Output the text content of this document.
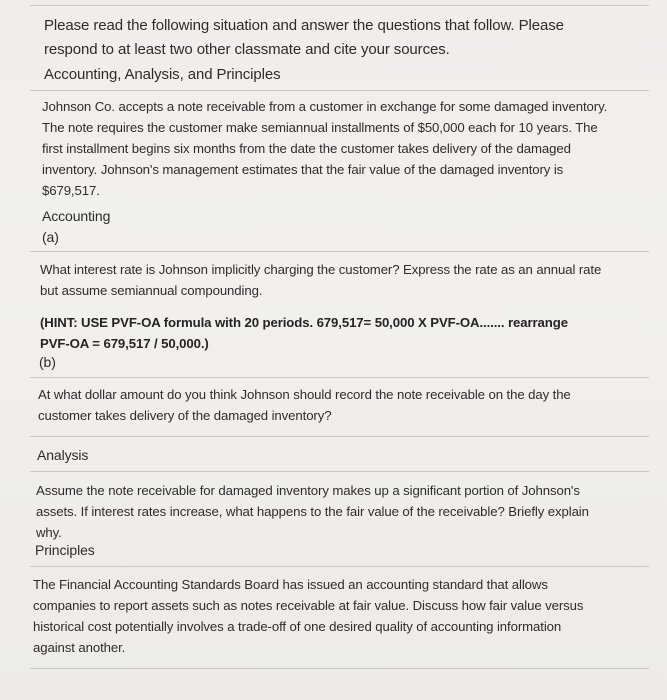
Please read the following situation and answer the questions that follow. Please
respond to at least two other classmate and cite your sources.

Accounting, Analysis, and Principles

Johnson Co. accepts a note receivable from a customer in exchange for some damaged inventory.
The note requires the customer make semiannual installments of $50,000 each for 10 years. The
first installment begins six months from the date the customer takes delivery of the damaged
inventory. Johnson's management estimates that the fair value of the damaged inventory is
$679,517.

Accounting

(a)

What interest rate is Johnson implicitly charging the customer? Express the rate as an annual rate
but assume semiannual compounding.

(HINT: USE PVF-OA formula with 20 periods. 679,517= 50,000 X PVF-OA....... rearrange
PVF-OA = 679,517 / 50,000.)

(b)

At what dollar amount do you think Johnson should record the note receivable on the day the
customer takes delivery of the damaged inventory?

Analysis

Assume the note receivable for damaged inventory makes up a significant portion of Johnson's
assets. If interest rates increase, what happens to the fair value of the receivable? Briefly explain
why.

Principles

The Financial Accounting Standards Board has issued an accounting standard that allows
companies to report assets such as notes receivable at fair value. Discuss how fair value versus
historical cost potentially involves a trade-off of one desired quality of accounting information
against another.
